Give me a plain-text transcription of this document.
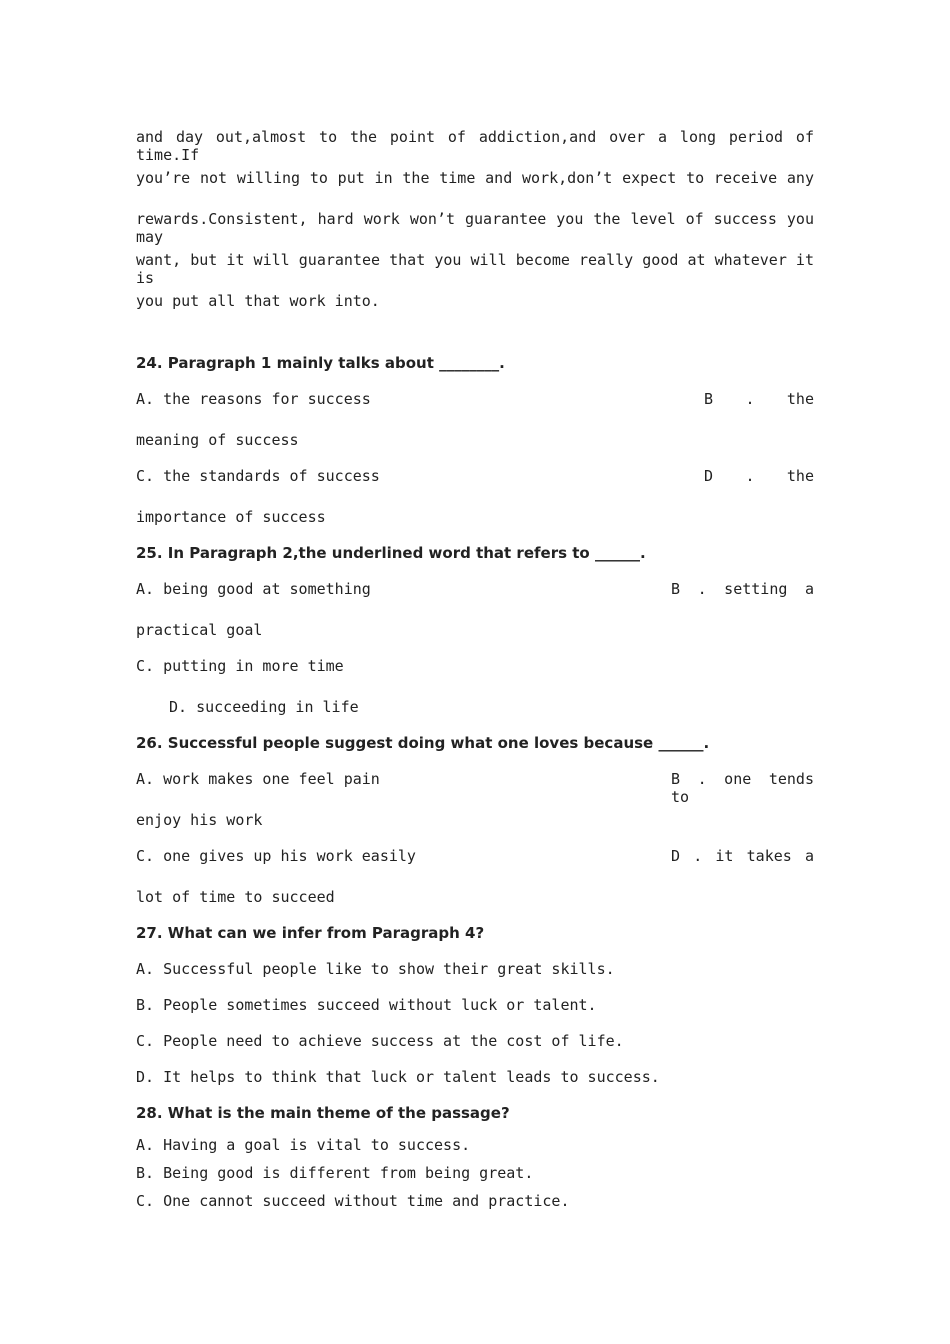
and day out,almost to the point of addiction,and over a long period of time.If
you’re not willing to put in the time and work,don’t expect to receive any
rewards.Consistent, hard work won’t guarantee you the level of success you may
want, but it will guarantee that you will become really good at whatever it is
you put all that work into.
24. Paragraph 1 mainly talks about ________.
A. the reasons for success	B . the
meaning of success
C. the standards of success	D . the
importance of success
25. In Paragraph 2,the underlined word that refers to ______.
A. being good at something	B . setting a
practical goal
C. putting in more time
D. succeeding in life
26. Successful people suggest doing what one loves because ______.
A. work makes one feel pain	B . one tends to
enjoy his work
C. one gives up his work easily	D . it takes a
lot of time to succeed
27. What can we infer from Paragraph 4?
A. Successful people like to show their great skills.
B. People sometimes succeed without luck or talent.
C. People need to achieve success at the cost of life.
D. It helps to think that luck or talent leads to success.
28. What is the main theme of the passage?
A. Having a goal is vital to success.
B. Being good is different from being great.
C. One cannot succeed without time and practice.
